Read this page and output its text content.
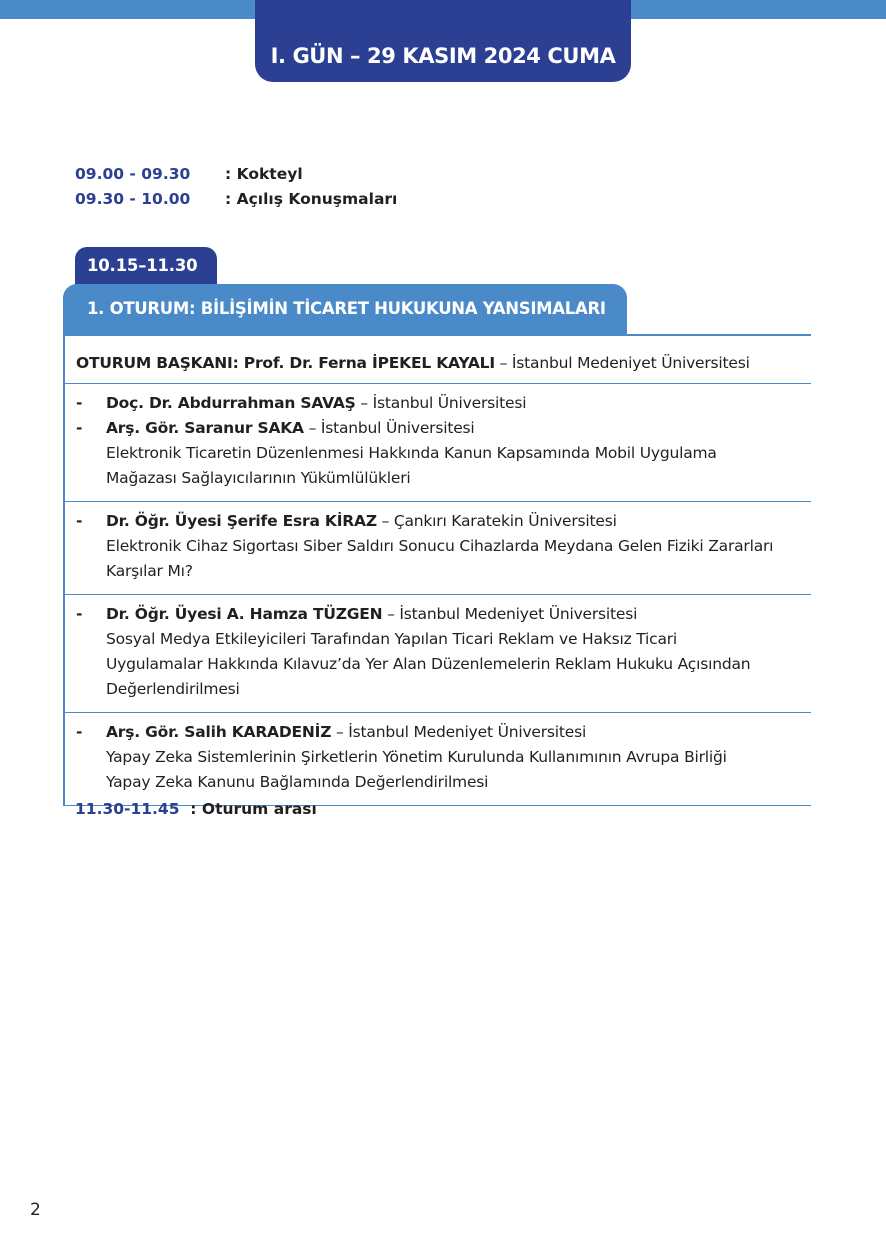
I. GÜN – 29 KASIM 2024 CUMA
09.00 - 09.30 : Kokteyl
09.30 - 10.00 : Açılış Konuşmaları
10.15–11.30
1. OTURUM: BİLİŞİMİN TİCARET HUKUKUNA YANSIMALARI
OTURUM BAŞKANI: Prof. Dr. Ferna İPEKEL KAYALI – İstanbul Medeniyet Üniversitesi
- Doç. Dr. Abdurrahman SAVAŞ – İstanbul Üniversitesi
- Arş. Gör. Saranur SAKA – İstanbul Üniversitesi
Elektronik Ticaretin Düzenlenmesi Hakkında Kanun Kapsamında Mobil Uygulama
Mağazası Sağlayıcılarının Yükümlülükleri
- Dr. Öğr. Üyesi Şerife Esra KİRAZ – Çankırı Karatekin Üniversitesi
Elektronik Cihaz Sigortası Siber Saldırı Sonucu Cihazlarda Meydana Gelen Fiziki Zararları
Karşılar Mı?
- Dr. Öğr. Üyesi A. Hamza TÜZGEN – İstanbul Medeniyet Üniversitesi
Sosyal Medya Etkileyicileri Tarafından Yapılan Ticari Reklam ve Haksız Ticari
Uygulamalar Hakkında Kılavuz’da Yer Alan Düzenlemelerin Reklam Hukuku Açısından
Değerlendirilmesi
- Arş. Gör. Salih KARADENİZ – İstanbul Medeniyet Üniversitesi
Yapay Zeka Sistemlerinin Şirketlerin Yönetim Kurulunda Kullanımının Avrupa Birliği
Yapay Zeka Kanunu Bağlamında Değerlendirilmesi
11.30-11.45  : Oturum arası
2
